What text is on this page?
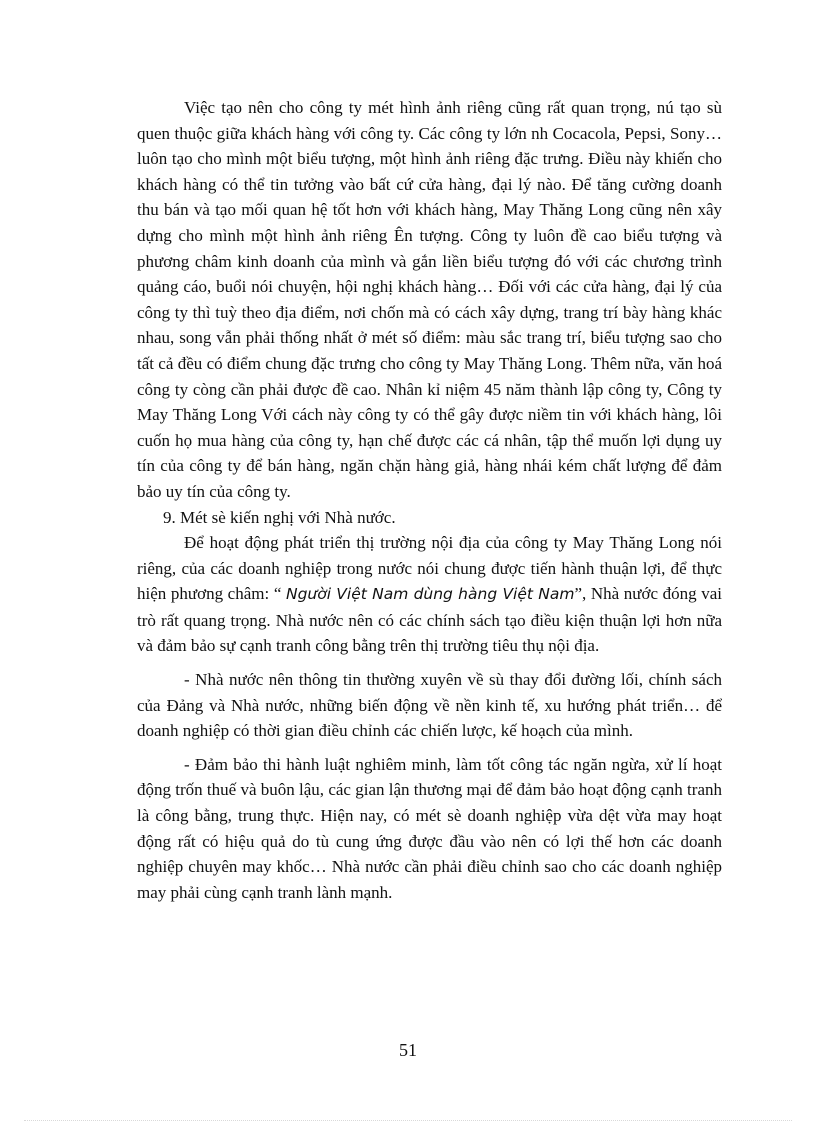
Việc tạo nên cho công ty mét hình ảnh riêng cũng rất quan trọng, nú tạo sù quen thuộc giữa khách hàng với công ty. Các công ty lớn nh Cocacola, Pepsi, Sony… luôn tạo cho mình một biểu tượng, một hình ảnh riêng đặc trưng. Điều này khiến cho khách hàng có thể tin tưởng vào bất cứ cửa hàng, đại lý nào. Để tăng cường doanh thu bán và tạo mối quan hệ tốt hơn với khách hàng, May Thăng Long cũng nên xây dựng cho mình một hình ảnh riêng Ên tượng. Công ty luôn đề cao biểu tượng và phương châm kinh doanh của mình và gắn liền biểu tượng đó với các chương trình quảng cáo, buổi nói chuyện, hội nghị khách hàng… Đối với các cửa hàng, đại lý của công ty thì tuỳ theo địa điểm, nơi chốn mà có cách xây dựng, trang trí bày hàng khác nhau, song vẫn phải thống nhất ở mét số điểm: màu sắc trang trí, biểu tượng sao cho tất cả đều có điểm chung đặc trưng cho công ty May Thăng Long. Thêm nữa, văn hoá công ty còng cần phải được đề cao. Nhân kỉ niệm 45 năm thành lập công ty, Công ty May Thăng Long Với cách này công ty có thể gây được niềm tin với khách hàng, lôi cuốn họ mua hàng của công ty, hạn chế được các cá nhân, tập thể muốn lợi dụng uy tín của công ty để bán hàng, ngăn chặn hàng giả, hàng nhái kém chất lượng để đảm bảo uy tín của công ty.

9. Mét sè kiến nghị với Nhà nước.

Để hoạt động phát triển thị trường nội địa của công ty May Thăng Long nói riêng, của các doanh nghiệp trong nước nói chung được tiến hành thuận lợi, để thực hiện phương châm: “ Người Việt Nam dùng hàng Việt Nam”, Nhà nước đóng vai trò rất quang trọng. Nhà nước nên có các chính sách tạo điều kiện thuận lợi hơn nữa và đảm bảo sự cạnh tranh công bằng trên thị trường tiêu thụ nội địa.

- Nhà nước nên thông tin thường xuyên về sù thay đổi đường lối, chính sách của Đảng và Nhà nước, những biến động về nền kinh tế, xu hướng phát triển… để doanh nghiệp có thời gian điều chỉnh các chiến lược, kế hoạch của mình.

- Đảm bảo thi hành luật nghiêm minh, làm tốt công tác ngăn ngừa, xử lí hoạt động trốn thuế và buôn lậu, các gian lận thương mại để đảm bảo hoạt động cạnh tranh là công bằng, trung thực. Hiện nay, có mét sè doanh nghiệp vừa dệt vừa may hoạt động rất có hiệu quả do tù cung ứng được đầu vào nên có lợi thế hơn các doanh nghiệp chuyên may khốc… Nhà nước cần phải điều chỉnh sao cho các doanh nghiệp may phải cùng cạnh tranh lành mạnh.

51
